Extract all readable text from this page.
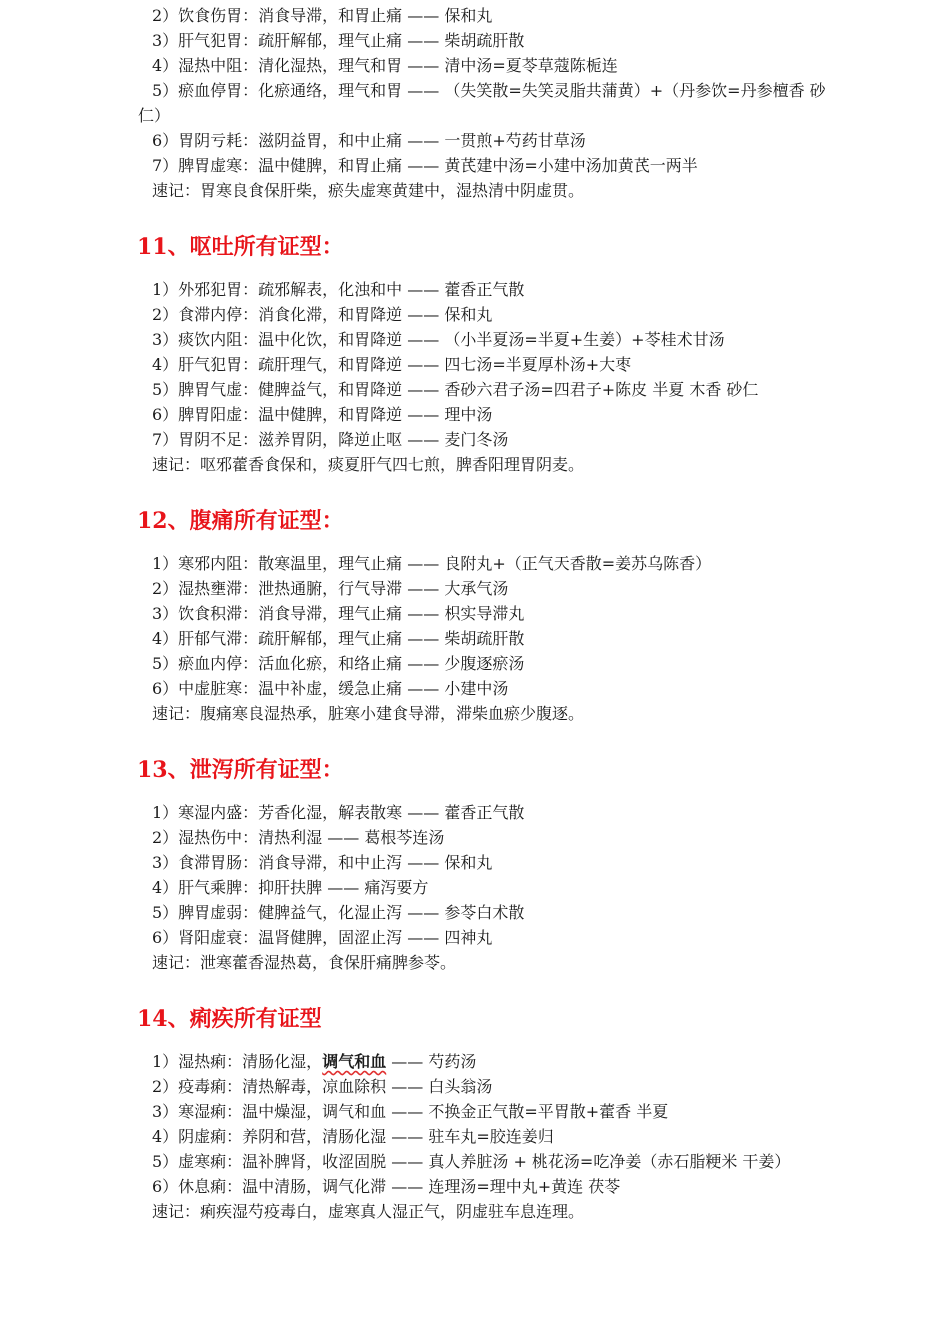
2）饮食伤胃：消食导滞，和胃止痛 —— 保和丸
3）肝气犯胃：疏肝解郁，理气止痛 —— 柴胡疏肝散
4）湿热中阻：清化湿热，理气和胃 —— 清中汤=夏苓草蔻陈栀连
5）瘀血停胃：化瘀通络，理气和胃 —— （失笑散=失笑灵脂共蒲黄）+（丹参饮=丹参檀香 砂
仁）
6）胃阴亏耗：滋阴益胃，和中止痛 —— 一贯煎+芍药甘草汤
7）脾胃虚寒：温中健脾，和胃止痛 —— 黄芪建中汤=小建中汤加黄芪一两半
速记：胃寒良食保肝柴，瘀失虚寒黄建中，湿热清中阴虚贯。
11、呕吐所有证型：
1）外邪犯胃：疏邪解表，化浊和中 —— 藿香正气散
2）食滞内停：消食化滞，和胃降逆 —— 保和丸
3）痰饮内阻：温中化饮，和胃降逆 —— （小半夏汤=半夏+生姜）+苓桂术甘汤
4）肝气犯胃：疏肝理气，和胃降逆 —— 四七汤=半夏厚朴汤+大枣
5）脾胃气虚：健脾益气，和胃降逆 —— 香砂六君子汤=四君子+陈皮 半夏 木香 砂仁
6）脾胃阳虚：温中健脾，和胃降逆 —— 理中汤
7）胃阴不足：滋养胃阴，降逆止呕 —— 麦门冬汤
速记：呕邪藿香食保和，痰夏肝气四七煎，脾香阳理胃阴麦。
12、腹痛所有证型：
1）寒邪内阻：散寒温里，理气止痛 —— 良附丸+（正气天香散=姜苏乌陈香）
2）湿热壅滞：泄热通腑，行气导滞 —— 大承气汤
3）饮食积滞：消食导滞，理气止痛 —— 枳实导滞丸
4）肝郁气滞：疏肝解郁，理气止痛 —— 柴胡疏肝散
5）瘀血内停：活血化瘀，和络止痛 —— 少腹逐瘀汤
6）中虚脏寒：温中补虚，缓急止痛 —— 小建中汤
速记：腹痛寒良湿热承，脏寒小建食导滞，滞柴血瘀少腹逐。
13、泄泻所有证型：
1）寒湿内盛：芳香化湿，解表散寒 —— 藿香正气散
2）湿热伤中：清热利湿 —— 葛根芩连汤
3）食滞胃肠：消食导滞，和中止泻 —— 保和丸
4）肝气乘脾：抑肝扶脾 —— 痛泻要方
5）脾胃虚弱：健脾益气，化湿止泻 —— 参苓白术散
6）肾阳虚衰：温肾健脾，固涩止泻 —— 四神丸
速记：泄寒藿香湿热葛，食保肝痛脾参苓。
14、痢疾所有证型
1）湿热痢：清肠化湿，调气和血 —— 芍药汤
2）疫毒痢：清热解毒，凉血除积 —— 白头翁汤
3）寒湿痢：温中燥湿，调气和血 —— 不换金正气散=平胃散+藿香 半夏
4）阴虚痢：养阴和营，清肠化湿 —— 驻车丸=胶连姜归
5）虚寒痢：温补脾肾，收涩固脱 —— 真人养脏汤 + 桃花汤=吃净姜（赤石脂粳米 干姜）
6）休息痢：温中清肠，调气化滞 —— 连理汤=理中丸+黄连 茯苓
速记：痢疾湿芍疫毒白，虚寒真人湿正气，阴虚驻车息连理。
